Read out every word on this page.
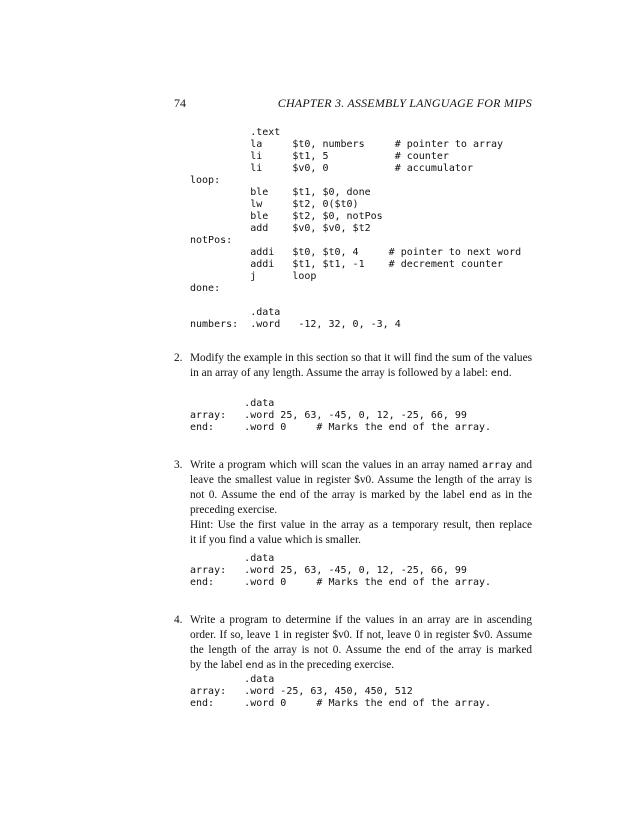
74	CHAPTER 3. ASSEMBLY LANGUAGE FOR MIPS
.text
la     $t0, numbers     # pointer to array
li     $t1, 5           # counter
li     $v0, 0           # accumulator
loop:
ble    $t1, $0, done
lw     $t2, 0($t0)
ble    $t2, $0, notPos
add    $v0, $v0, $t2
notPos:
addi   $t0, $t0, 4     # pointer to next word
addi   $t1, $t1, -1    # decrement counter
j      loop
done:

.data
numbers:  .word   -12, 32, 0, -3, 4
2. Modify the example in this section so that it will find the sum of the values
in an array of any length. Assume the array is followed by a label: end.
.data
array:   .word 25, 63, -45, 0, 12, -25, 66, 99
end:     .word 0     # Marks the end of the array.
3. Write a program which will scan the values in an array named array and
leave the smallest value in register $v0. Assume the length of the array is
not 0. Assume the end of the array is marked by the label end as in the
preceding exercise.
Hint: Use the first value in the array as a temporary result, then replace
it if you find a value which is smaller.
.data
array:   .word 25, 63, -45, 0, 12, -25, 66, 99
end:     .word 0     # Marks the end of the array.
4. Write a program to determine if the values in an array are in ascending
order. If so, leave 1 in register $v0. If not, leave 0 in register $v0. Assume
the length of the array is not 0. Assume the end of the array is marked
by the label end as in the preceding exercise.
.data
array:   .word -25, 63, 450, 450, 512
end:     .word 0     # Marks the end of the array.
